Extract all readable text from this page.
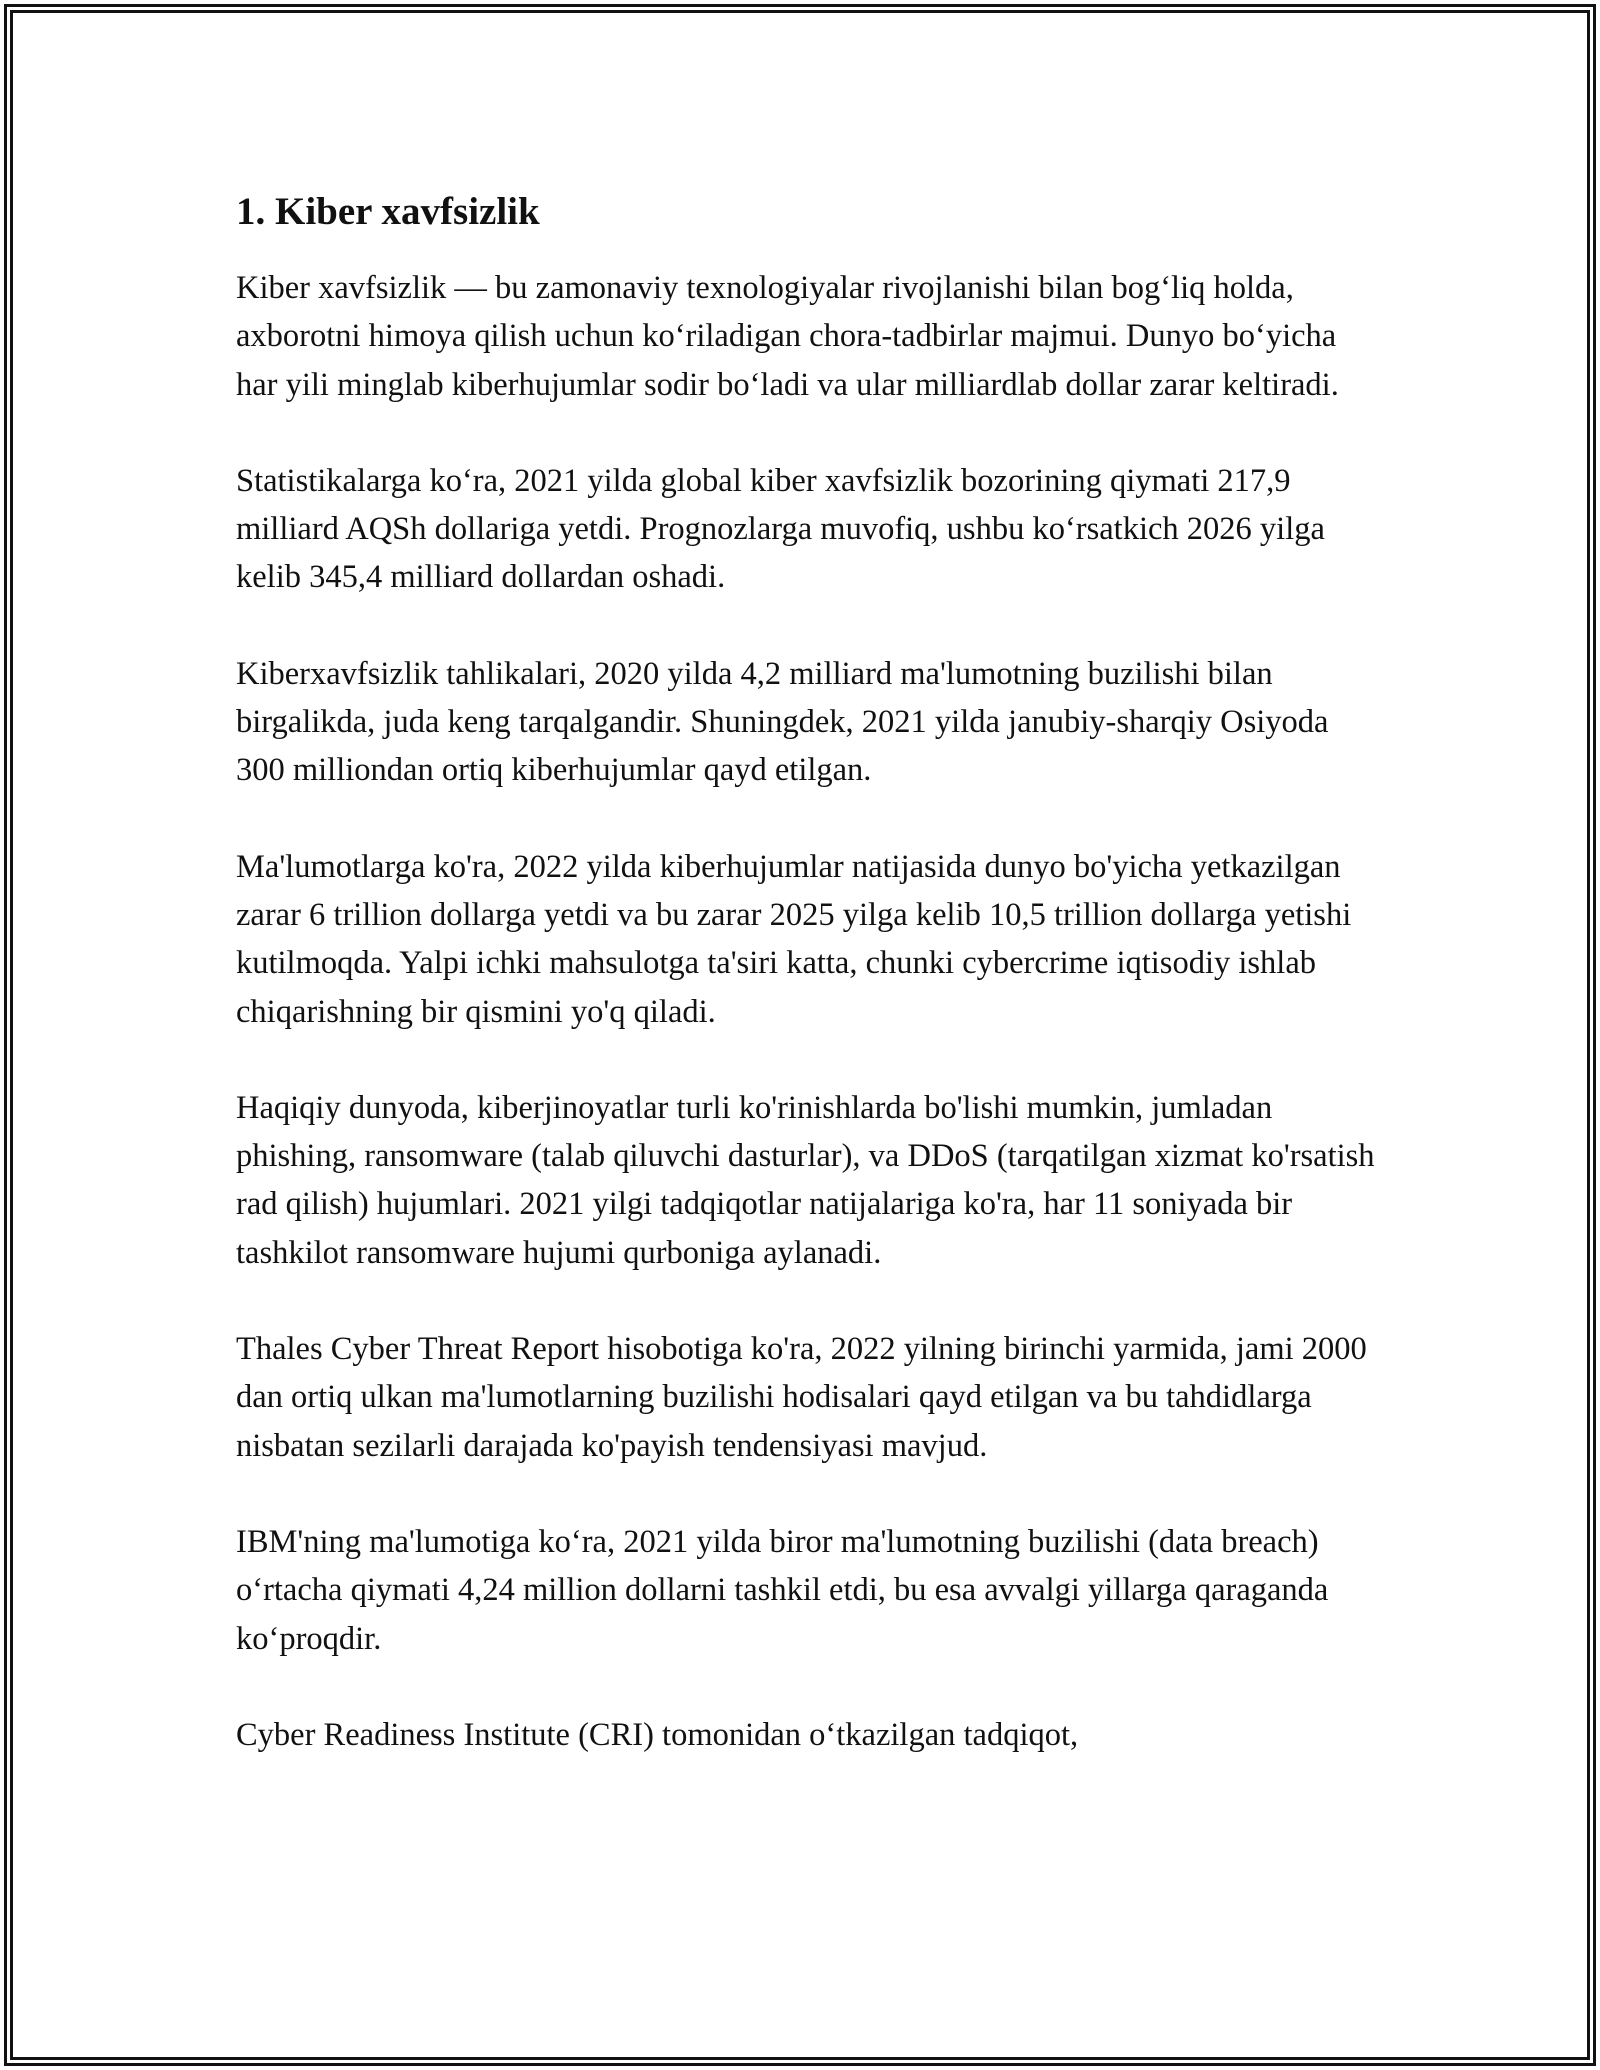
1. Kiber xavfsizlik

Kiber xavfsizlik — bu zamonaviy texnologiyalar rivojlanishi bilan bog‘liq holda, axborotni himoya qilish uchun ko‘riladigan chora-tadbirlar majmui. Dunyo bo‘yicha har yili minglab kiberhujumlar sodir bo‘ladi va ular milliardlab dollar zarar keltiradi.

Statistikalarga ko‘ra, 2021 yilda global kiber xavfsizlik bozorining qiymati 217,9 milliard AQSh dollariga yetdi. Prognozlarga muvofiq, ushbu ko‘rsatkich 2026 yilga kelib 345,4 milliard dollardan oshadi.

Kiberxavfsizlik tahlikalari, 2020 yilda 4,2 milliard ma'lumotning buzilishi bilan birgalikda, juda keng tarqalgandir. Shuningdek, 2021 yilda janubiy-sharqiy Osiyoda 300 milliondan ortiq kiberhujumlar qayd etilgan.

Ma'lumotlarga ko'ra, 2022 yilda kiberhujumlar natijasida dunyo bo'yicha yetkazilgan zarar 6 trillion dollarga yetdi va bu zarar 2025 yilga kelib 10,5 trillion dollarga yetishi kutilmoqda. Yalpi ichki mahsulotga ta'siri katta, chunki cybercrime iqtisodiy ishlab chiqarishning bir qismini yo'q qiladi.

Haqiqiy dunyoda, kiberjinoyatlar turli ko'rinishlarda bo'lishi mumkin, jumladan phishing, ransomware (talab qiluvchi dasturlar), va DDoS (tarqatilgan xizmat ko'rsatish rad qilish) hujumlari. 2021 yilgi tadqiqotlar natijalariga ko'ra, har 11 soniyada bir tashkilot ransomware hujumi qurboniga aylanadi.

Thales Cyber Threat Report hisobotiga ko'ra, 2022 yilning birinchi yarmida, jami 2000 dan ortiq ulkan ma'lumotlarning buzilishi hodisalari qayd etilgan va bu tahdidlarga nisbatan sezilarli darajada ko'payish tendensiyasi mavjud.

IBM'ning ma'lumotiga ko‘ra, 2021 yilda biror ma'lumotning buzilishi (data breach) o‘rtacha qiymati 4,24 million dollarni tashkil etdi, bu esa avvalgi yillarga qaraganda ko‘proqdir.

Cyber Readiness Institute (CRI) tomonidan o‘tkazilgan tadqiqot,
